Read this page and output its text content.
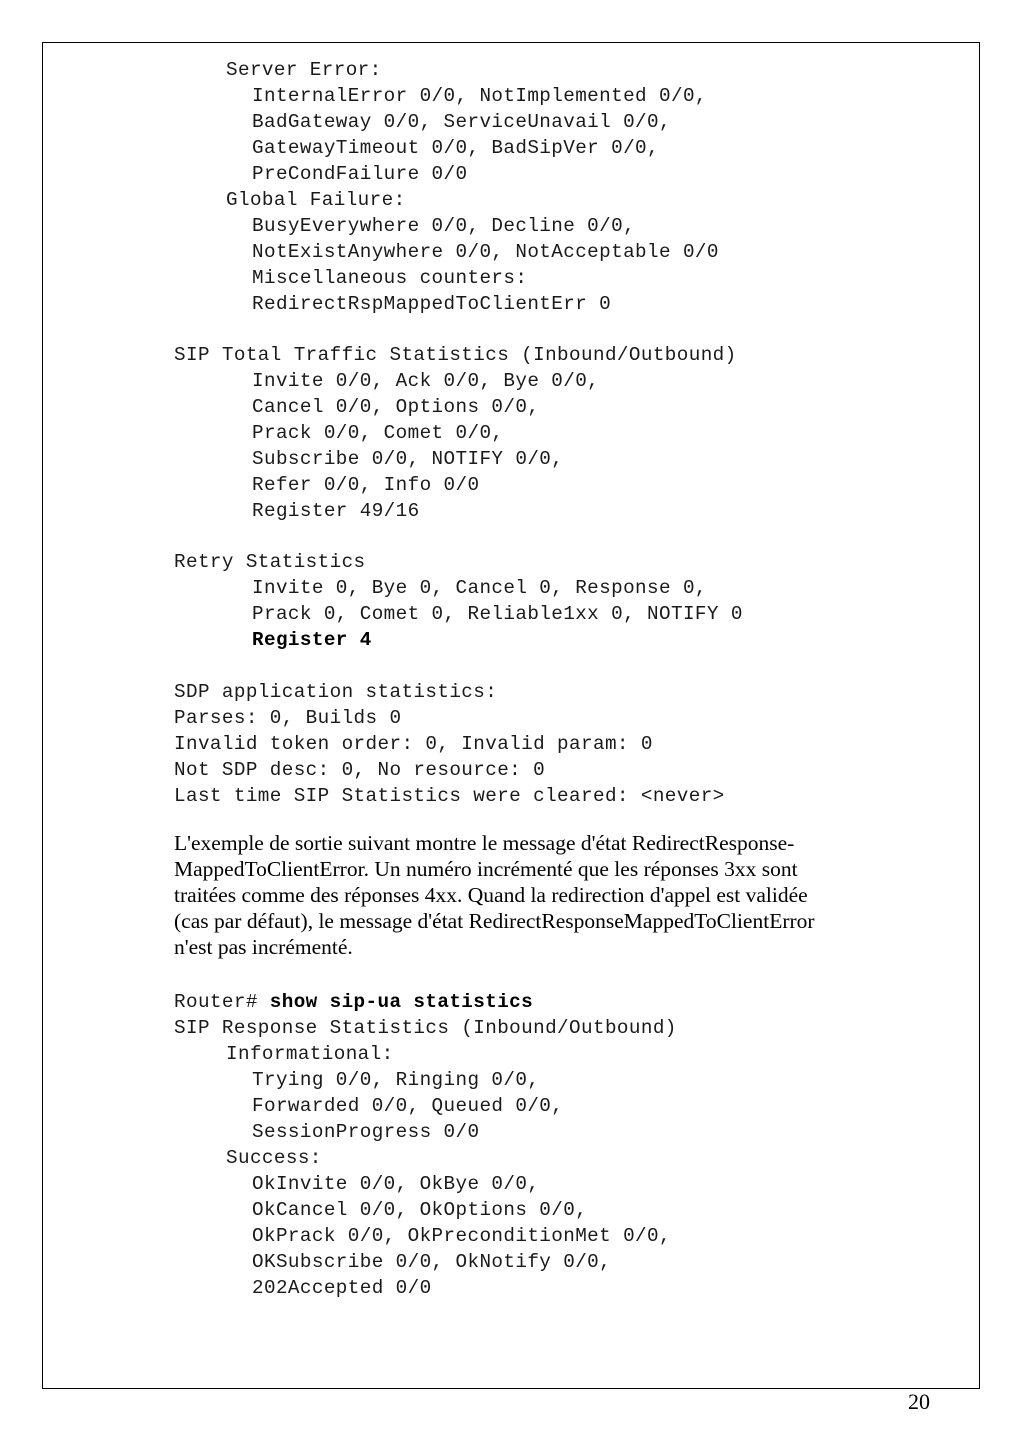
Server Error:
InternalError 0/0, NotImplemented 0/0,
BadGateway 0/0, ServiceUnavail 0/0,
GatewayTimeout 0/0, BadSipVer 0/0,
PreCondFailure 0/0
Global Failure:
BusyEverywhere 0/0, Decline 0/0,
NotExistAnywhere 0/0, NotAcceptable 0/0
Miscellaneous counters:
RedirectRspMappedToClientErr 0
SIP Total Traffic Statistics (Inbound/Outbound)
Invite 0/0, Ack 0/0, Bye 0/0,
Cancel 0/0, Options 0/0,
Prack 0/0, Comet 0/0,
Subscribe 0/0, NOTIFY 0/0,
Refer 0/0, Info 0/0
Register 49/16
Retry Statistics
Invite 0, Bye 0, Cancel 0, Response 0,
Prack 0, Comet 0, Reliable1xx 0, NOTIFY 0
Register 4
SDP application statistics:
Parses: 0, Builds 0
Invalid token order: 0, Invalid param: 0
Not SDP desc: 0, No resource: 0
Last time SIP Statistics were cleared: <never>
L'exemple de sortie suivant montre le message d'état RedirectResponse-
MappedToClientError. Un numéro incrémenté que les réponses 3xx sont
traitées comme des réponses 4xx. Quand la redirection d'appel est validée
(cas par défaut), le message d'état RedirectResponseMappedToClientError
n'est pas incrémenté.
Router# show sip-ua statistics
SIP Response Statistics (Inbound/Outbound)
Informational:
Trying 0/0, Ringing 0/0,
Forwarded 0/0, Queued 0/0,
SessionProgress 0/0
Success:
OkInvite 0/0, OkBye 0/0,
OkCancel 0/0, OkOptions 0/0,
OkPrack 0/0, OkPreconditionMet 0/0,
OKSubscribe 0/0, OkNotify 0/0,
202Accepted 0/0
20
